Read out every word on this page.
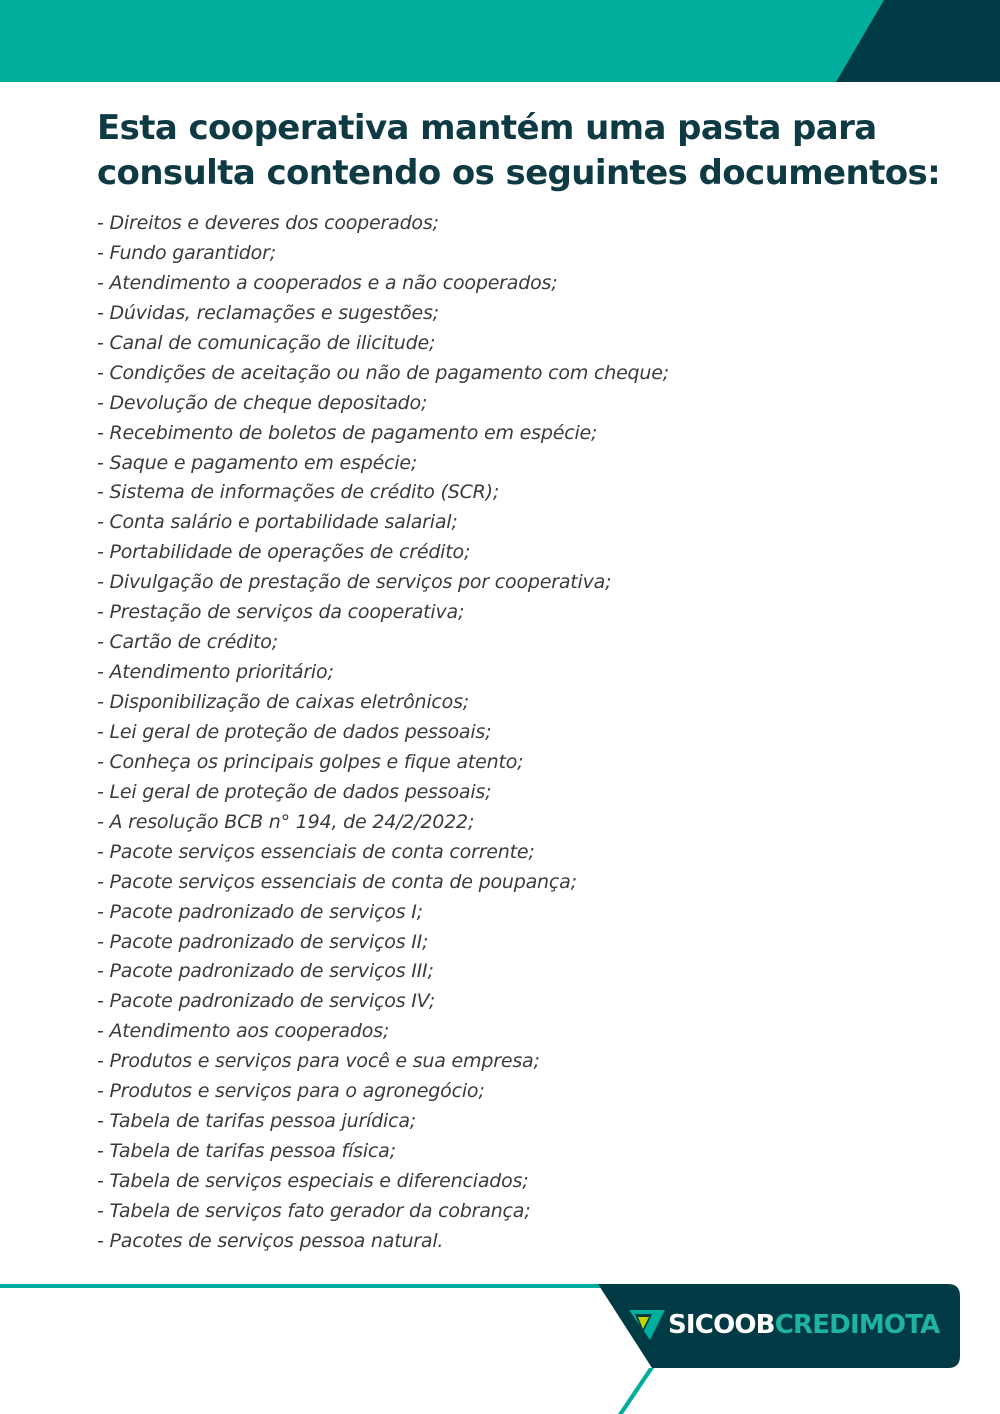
Esta cooperativa mantém uma pasta para
consulta contendo os seguintes documentos:
- Direitos e deveres dos cooperados;
- Fundo garantidor;
- Atendimento a cooperados e a não cooperados;
- Dúvidas, reclamações e sugestões;
- Canal de comunicação de ilicitude;
- Condições de aceitação ou não de pagamento com cheque;
- Devolução de cheque depositado;
- Recebimento de boletos de pagamento em espécie;
- Saque e pagamento em espécie;
- Sistema de informações de crédito (SCR);
- Conta salário e portabilidade salarial;
- Portabilidade de operações de crédito;
- Divulgação de prestação de serviços por cooperativa;
- Prestação de serviços da cooperativa;
- Cartão de crédito;
- Atendimento prioritário;
- Disponibilização de caixas eletrônicos;
- Lei geral de proteção de dados pessoais;
- Conheça os principais golpes e fique atento;
- Lei geral de proteção de dados pessoais;
- A resolução BCB n° 194, de 24/2/2022;
- Pacote serviços essenciais de conta corrente;
- Pacote serviços essenciais de conta de poupança;
- Pacote padronizado de serviços I;
- Pacote padronizado de serviços II;
- Pacote padronizado de serviços III;
- Pacote padronizado de serviços IV;
- Atendimento aos cooperados;
- Produtos e serviços para você e sua empresa;
- Produtos e serviços para o agronegócio;
- Tabela de tarifas pessoa jurídica;
- Tabela de tarifas pessoa física;
- Tabela de serviços especiais e diferenciados;
- Tabela de serviços fato gerador da cobrança;
- Pacotes de serviços pessoa natural.
SICOOB CREDIMOTA
